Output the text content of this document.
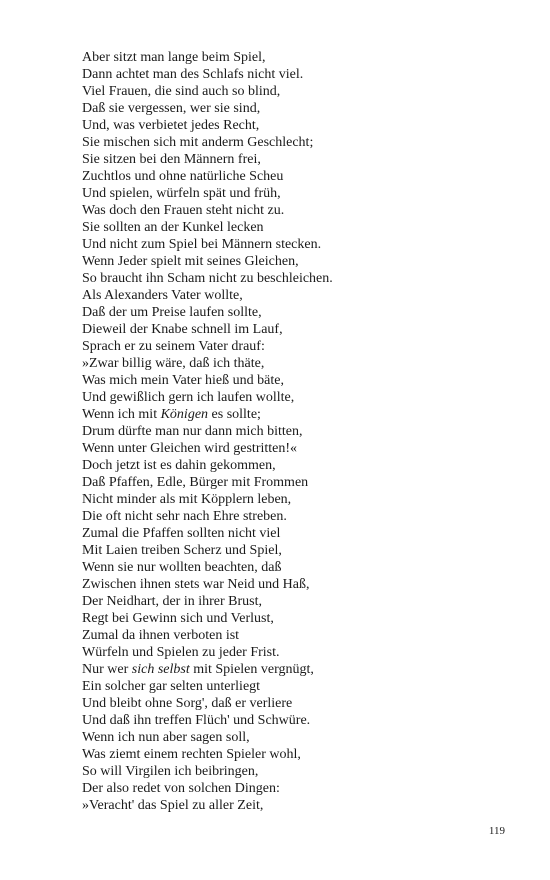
Aber sitzt man lange beim Spiel,
Dann achtet man des Schlafs nicht viel.
Viel Frauen, die sind auch so blind,
Daß sie vergessen, wer sie sind,
Und, was verbietet jedes Recht,
Sie mischen sich mit anderm Geschlecht;
Sie sitzen bei den Männern frei,
Zuchtlos und ohne natürliche Scheu
Und spielen, würfeln spät und früh,
Was doch den Frauen steht nicht zu.
Sie sollten an der Kunkel lecken
Und nicht zum Spiel bei Männern stecken.
Wenn Jeder spielt mit seines Gleichen,
So braucht ihn Scham nicht zu beschleichen.
Als Alexanders Vater wollte,
Daß der um Preise laufen sollte,
Dieweil der Knabe schnell im Lauf,
Sprach er zu seinem Vater drauf:
»Zwar billig wäre, daß ich thäte,
Was mich mein Vater hieß und bäte,
Und gewißlich gern ich laufen wollte,
Wenn ich mit Königen es sollte;
Drum dürfte man nur dann mich bitten,
Wenn unter Gleichen wird gestritten!«
Doch jetzt ist es dahin gekommen,
Daß Pfaffen, Edle, Bürger mit Frommen
Nicht minder als mit Köpplern leben,
Die oft nicht sehr nach Ehre streben.
Zumal die Pfaffen sollten nicht viel
Mit Laien treiben Scherz und Spiel,
Wenn sie nur wollten beachten, daß
Zwischen ihnen stets war Neid und Haß,
Der Neidhart, der in ihrer Brust,
Regt bei Gewinn sich und Verlust,
Zumal da ihnen verboten ist
Würfeln und Spielen zu jeder Frist.
Nur wer sich selbst mit Spielen vergnügt,
Ein solcher gar selten unterliegt
Und bleibt ohne Sorg', daß er verliere
Und daß ihn treffen Flüch' und Schwüre.
Wenn ich nun aber sagen soll,
Was ziemt einem rechten Spieler wohl,
So will Virgilen ich beibringen,
Der also redet von solchen Dingen:
»Veracht' das Spiel zu aller Zeit,
119
